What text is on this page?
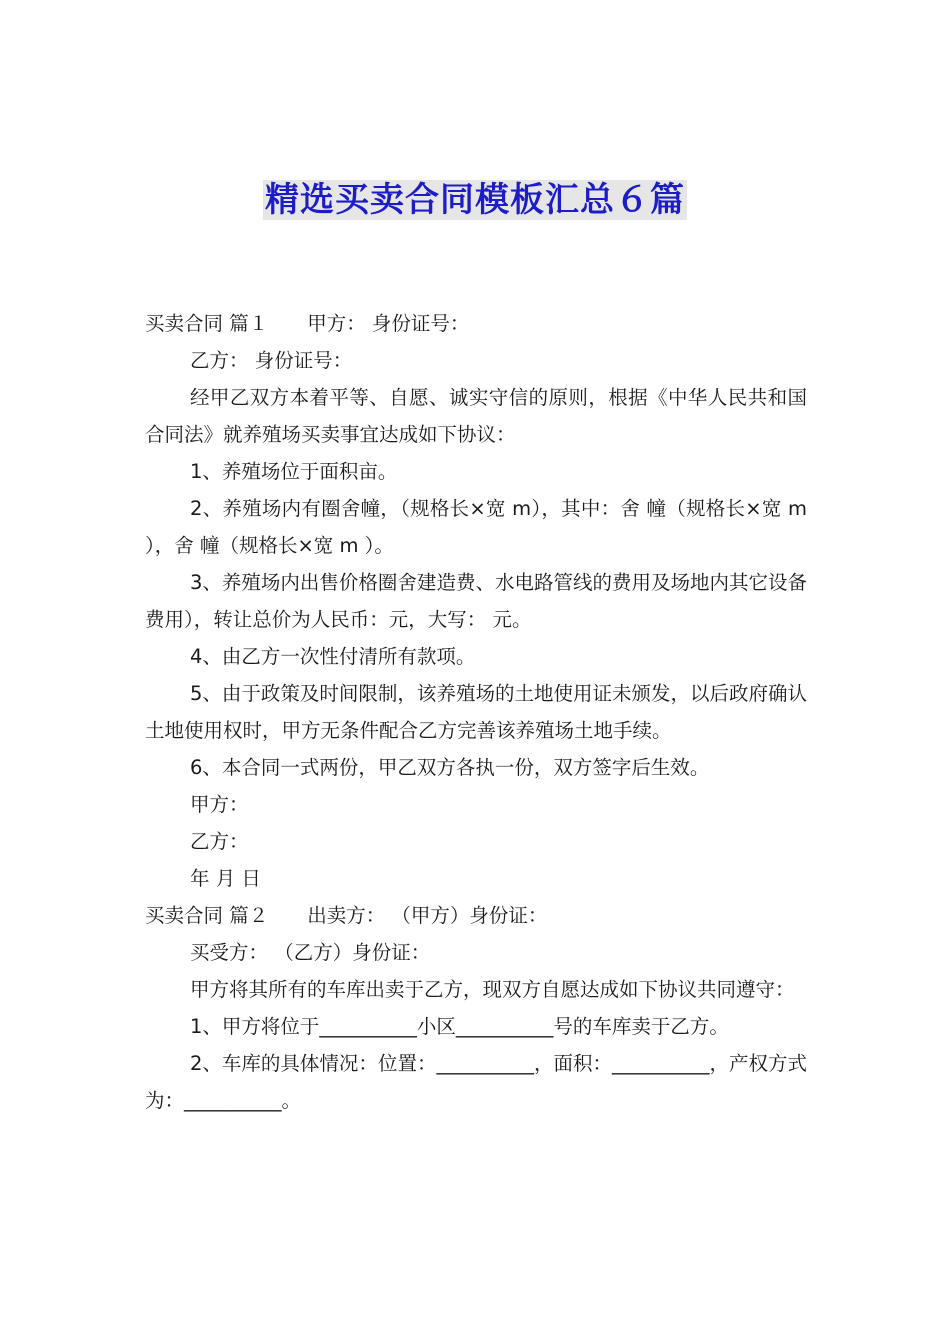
精选买卖合同模板汇总６篇

买卖合同 篇１　　甲方： 身份证号：

乙方： 身份证号：

经甲乙双方本着平等、自愿、诚实守信的原则，根据《中华人民共和国合同法》就养殖场买卖事宜达成如下协议：

1、养殖场位于面积亩。

2、养殖场内有圈舍幢，（规格长×宽 m），其中：舍 幢（规格长×宽 m ），舍 幢（规格长×宽 m ）。

3、养殖场内出售价格圈舍建造费、水电路管线的费用及场地内其它设备费用），转让总价为人民币：元，大写： 元。

4、由乙方一次性付清所有款项。

5、由于政策及时间限制，该养殖场的土地使用证未颁发，以后政府确认土地使用权时，甲方无条件配合乙方完善该养殖场土地手续。

6、本合同一式两份，甲乙双方各执一份，双方签字后生效。

甲方：

乙方：

年 月 日

买卖合同 篇２　　出卖方： （甲方）身份证：

买受方： （乙方）身份证：

甲方将其所有的车库出卖于乙方，现双方自愿达成如下协议共同遵守：

1、甲方将位于__________小区__________号的车库卖于乙方。

2、车库的具体情况：位置：__________，面积：__________，产权方式为：__________。
